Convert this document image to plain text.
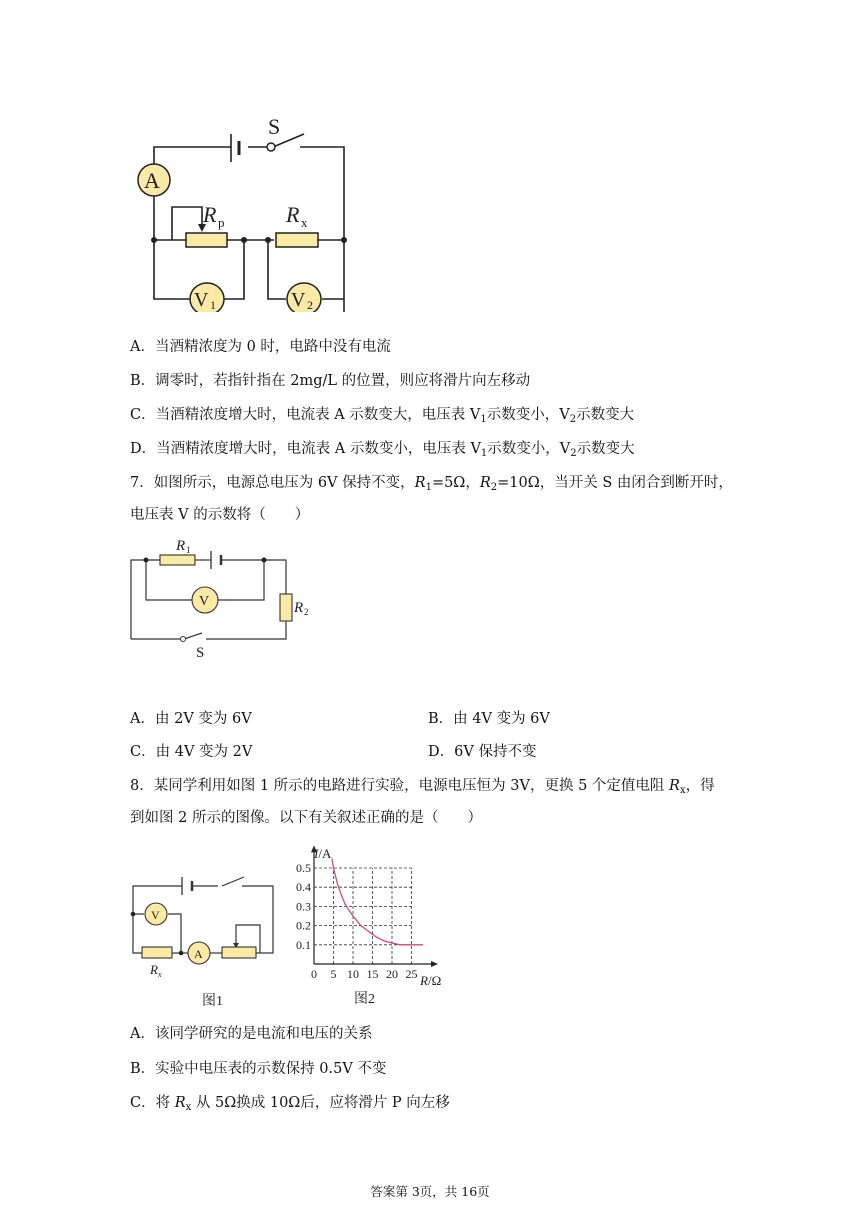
S
A
R p	R x
V 1	V 2
A．当酒精浓度为 0 时，电路中没有电流
B．调零时，若指针指在 2mg/L 的位置，则应将滑片向左移动
C．当酒精浓度增大时，电流表 A 示数变大，电压表 $V_1$示数变小，$V_2$示数变大
D．当酒精浓度增大时，电流表 A 示数变小，电压表 $V_1$示数变小，$V_2$示数变大
7．如图所示，电源总电压为 6V 保持不变，$R_1=5\Omega$，$R_2=10\Omega$，当开关 S 由闭合到断开时，
电压表 V 的示数将（　　）
R 1
V	R 2
S
A．由 2V 变为 6V	B．由 4V 变为 6V
C．由 4V 变为 2V	D．6V 保持不变
8．某同学利用如图 1 所示的电路进行实验，电源电压恒为 3V，更换 5 个定值电阻 $R_x$，得
到如图 2 所示的图像。以下有关叙述正确的是（　　）
V
A
R x
图1
0 5 10 15 20 25
0.1
0.2
0.3
0.4
0.5
I/A
R/Ω
图2
A．该同学研究的是电流和电压的关系
B．实验中电压表的示数保持 0.5V 不变
C．将 $R_x$ 从 5Ω换成 10Ω后，应将滑片 P 向左移
答案第 3页，共 16页
